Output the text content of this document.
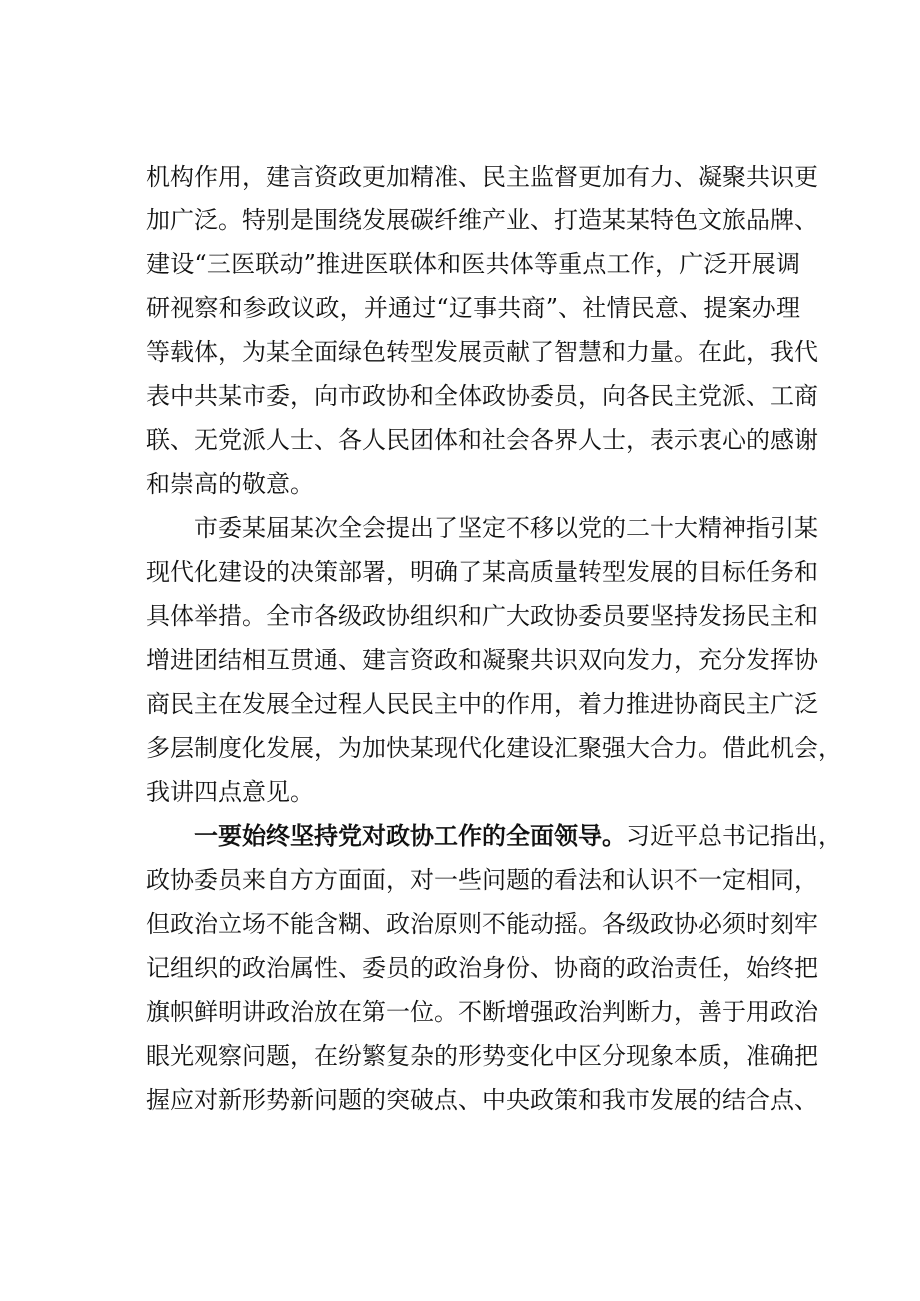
机构作用，建言资政更加精准、民主监督更加有力、凝聚共识更
加广泛。特别是围绕发展碳纤维产业、打造某某特色文旅品牌、
建设“三医联动”推进医联体和医共体等重点工作，广泛开展调
研视察和参政议政，并通过“辽事共商”、社情民意、提案办理
等载体，为某全面绿色转型发展贡献了智慧和力量。在此，我代
表中共某市委，向市政协和全体政协委员，向各民主党派、工商
联、无党派人士、各人民团体和社会各界人士，表示衷心的感谢
和崇高的敬意。
市委某届某次全会提出了坚定不移以党的二十大精神指引某
现代化建设的决策部署，明确了某高质量转型发展的目标任务和
具体举措。全市各级政协组织和广大政协委员要坚持发扬民主和
增进团结相互贯通、建言资政和凝聚共识双向发力，充分发挥协
商民主在发展全过程人民民主中的作用，着力推进协商民主广泛
多层制度化发展，为加快某现代化建设汇聚强大合力。借此机会，
我讲四点意见。
一要始终坚持党对政协工作的全面领导。习近平总书记指出，
政协委员来自方方面面，对一些问题的看法和认识不一定相同，
但政治立场不能含糊、政治原则不能动摇。各级政协必须时刻牢
记组织的政治属性、委员的政治身份、协商的政治责任，始终把
旗帜鲜明讲政治放在第一位。不断增强政治判断力，善于用政治
眼光观察问题，在纷繁复杂的形势变化中区分现象本质，准确把
握应对新形势新问题的突破点、中央政策和我市发展的结合点、
